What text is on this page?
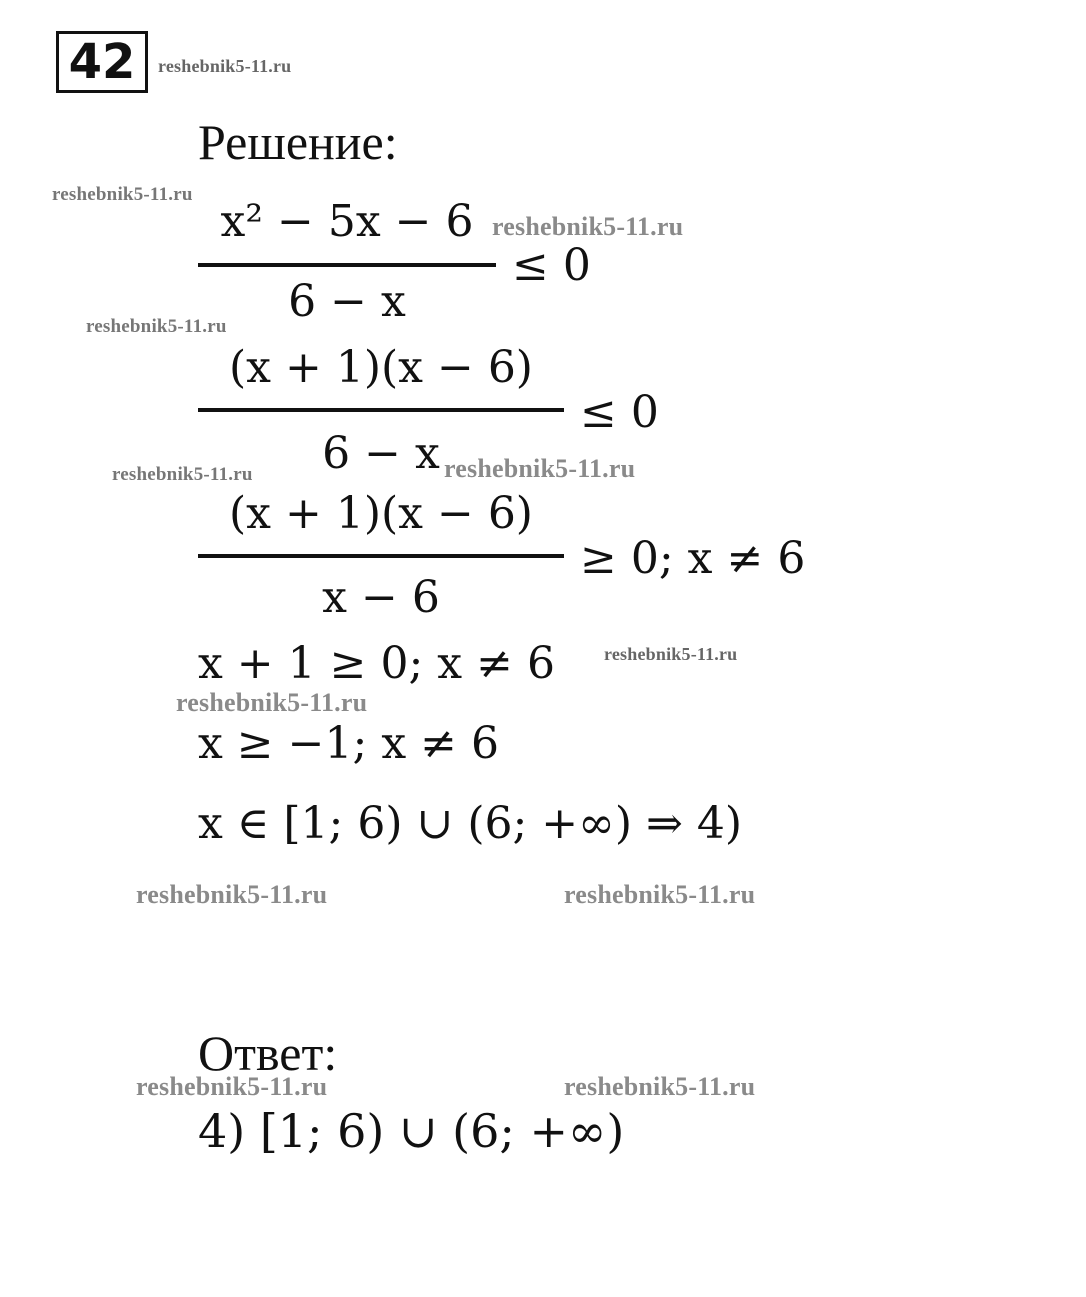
42	reshebnik5-11.ru
Решение:
reshebnik5-11.ru
x² − 5x − 6
6 − x
≤ 0
reshebnik5-11.ru
reshebnik5-11.ru
(x + 1)(x − 6)
6 − x
≤ 0
reshebnik5-11.ru	reshebnik5-11.ru
(x + 1)(x − 6)
x − 6
≥ 0; x ≠ 6
x + 1 ≥ 0; x ≠ 6	reshebnik5-11.ru
reshebnik5-11.ru
x ≥ −1; x ≠ 6
x ∈ [1; 6) ∪ (6; +∞) ⇒ 4)
reshebnik5-11.ru	reshebnik5-11.ru
Ответ:
reshebnik5-11.ru	reshebnik5-11.ru
4) [1; 6) ∪ (6; +∞)
